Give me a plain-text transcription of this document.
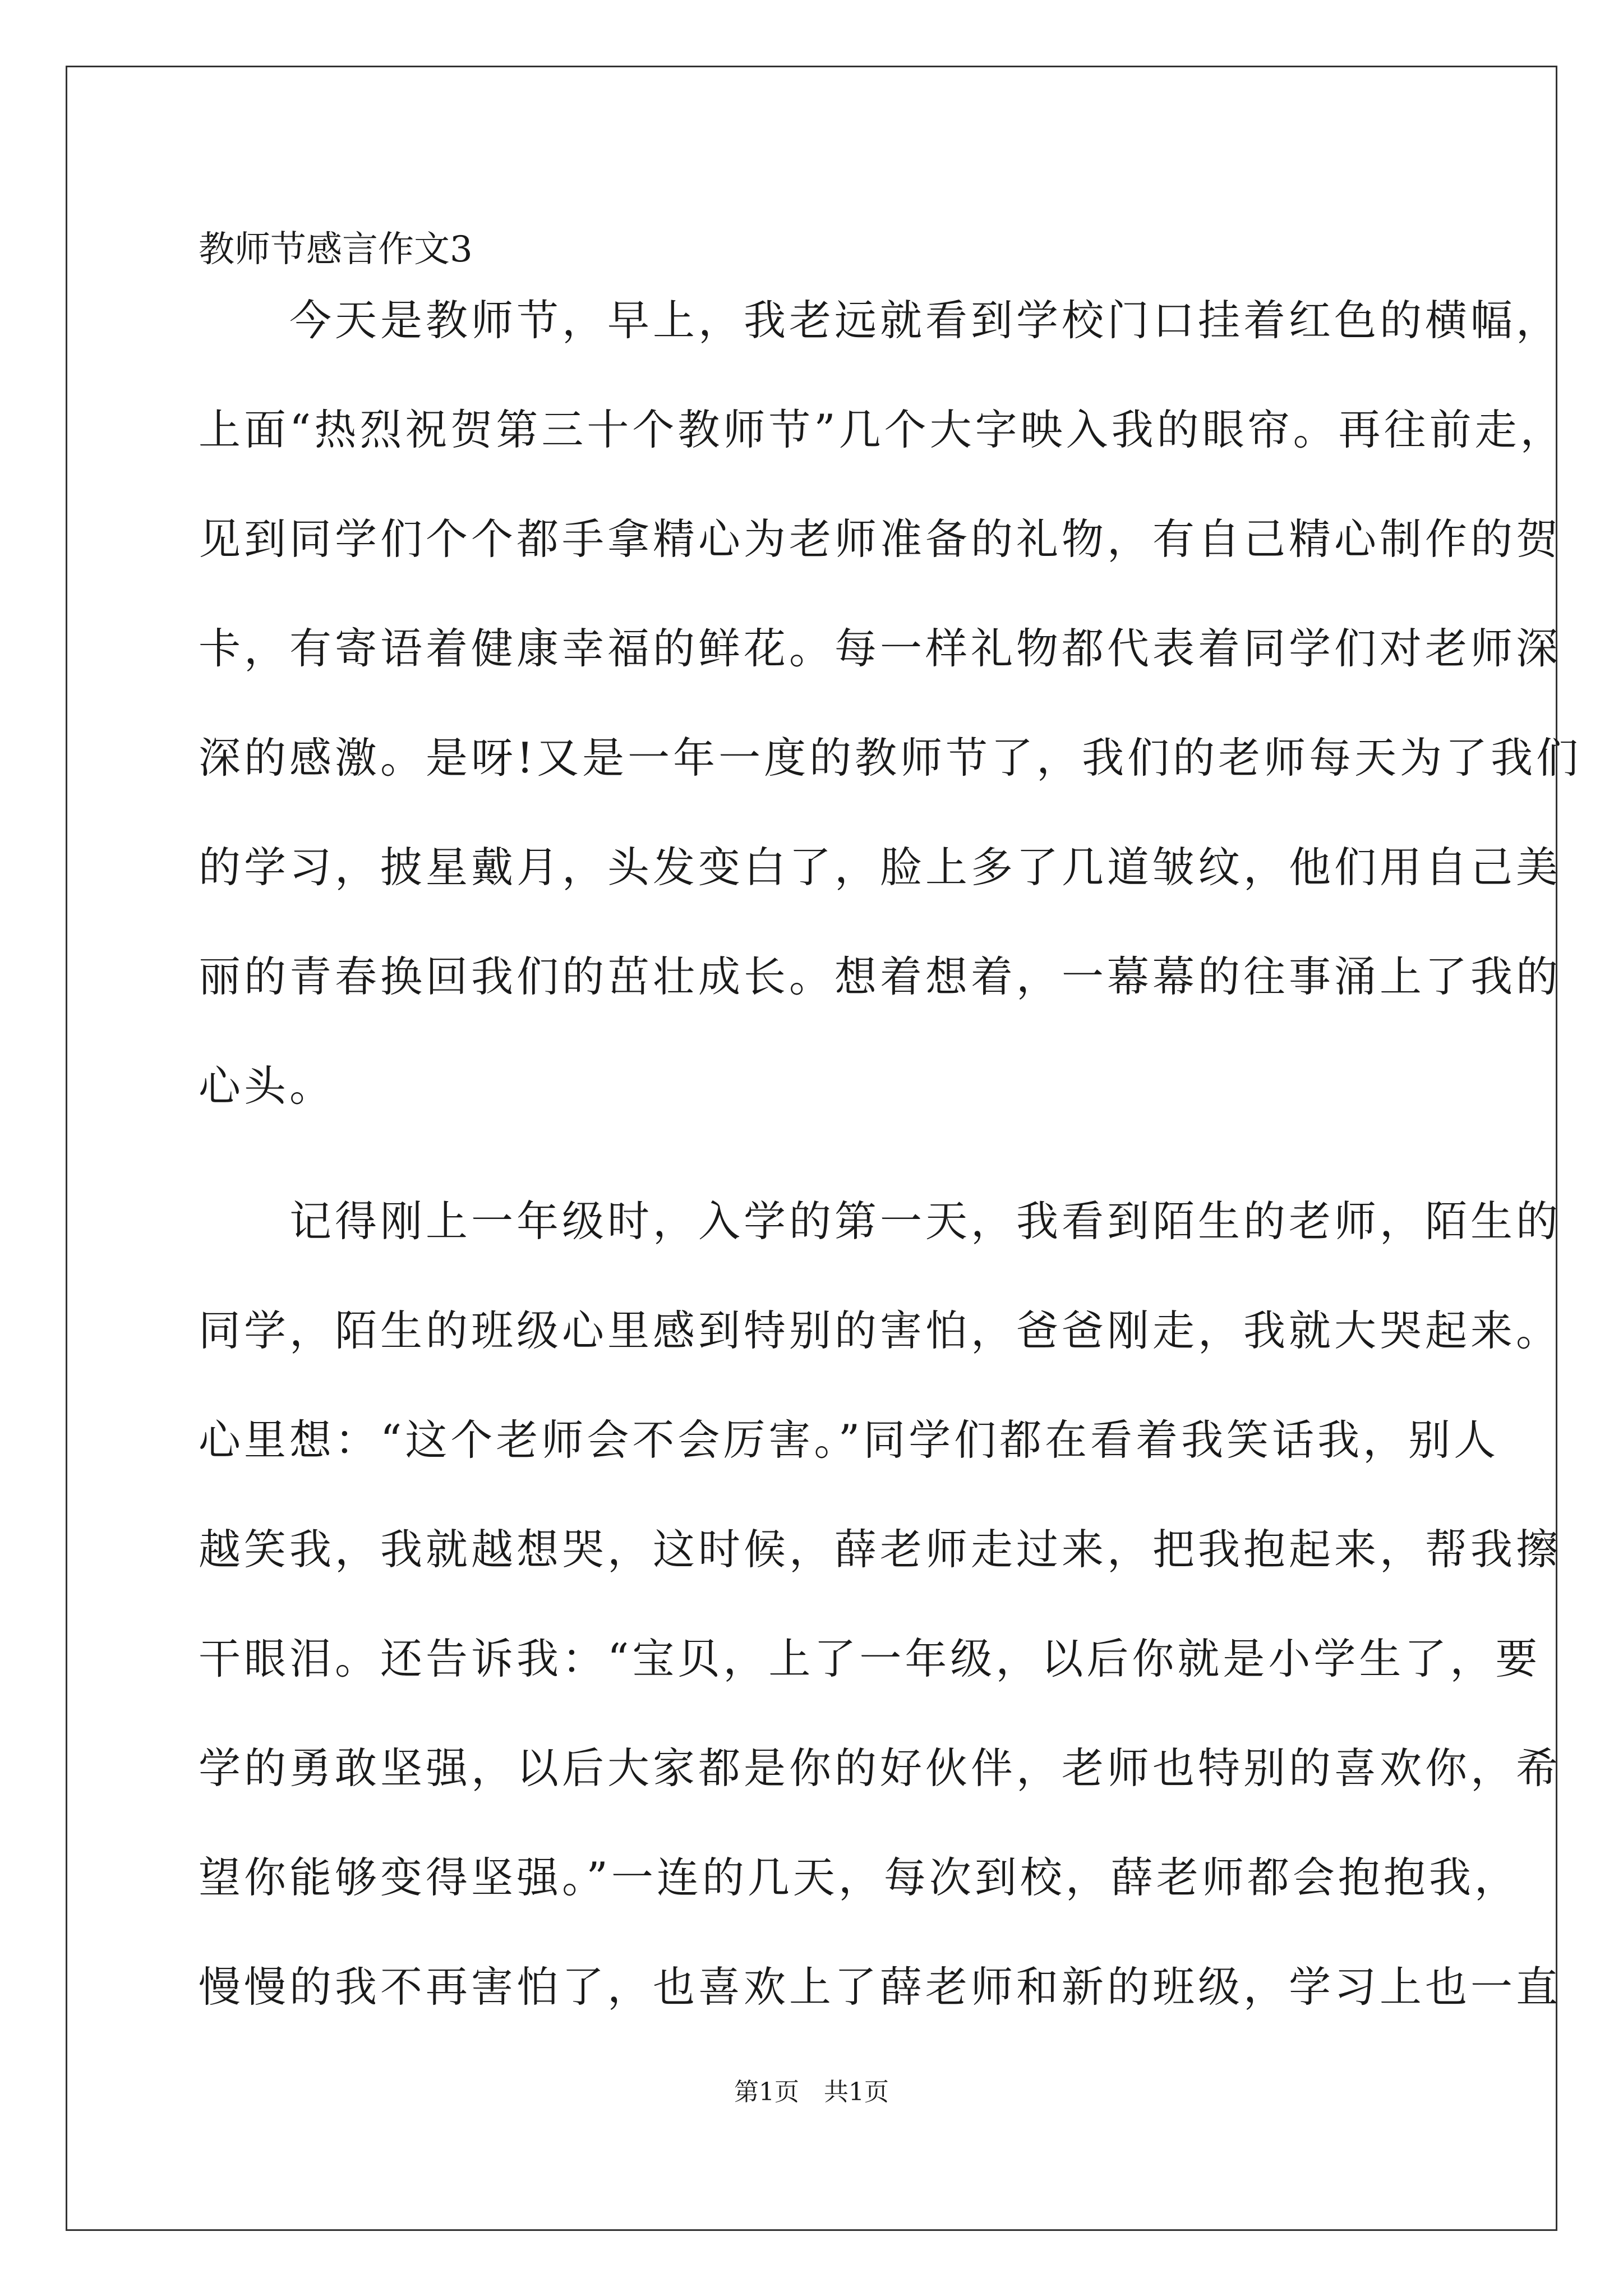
教师节感言作文3
　　今天是教师节，早上，我老远就看到学校门口挂着红色的横幅，
上面“热烈祝贺第三十个教师节”几个大字映入我的眼帘。再往前走，
见到同学们个个都手拿精心为老师准备的礼物，有自己精心制作的贺
卡，有寄语着健康幸福的鲜花。每一样礼物都代表着同学们对老师深
深的感激。是呀!又是一年一度的教师节了，我们的老师每天为了我们
的学习，披星戴月，头发变白了，脸上多了几道皱纹，他们用自己美
丽的青春换回我们的茁壮成长。想着想着，一幕幕的往事涌上了我的
心头。
　　记得刚上一年级时，入学的第一天，我看到陌生的老师，陌生的
同学，陌生的班级心里感到特别的害怕，爸爸刚走，我就大哭起来。
心里想：“这个老师会不会厉害。”同学们都在看着我笑话我，别人
越笑我，我就越想哭，这时候，薛老师走过来，把我抱起来，帮我擦
干眼泪。还告诉我：“宝贝，上了一年级，以后你就是小学生了，要
学的勇敢坚强，以后大家都是你的好伙伴，老师也特别的喜欢你，希
望你能够变得坚强。”一连的几天，每次到校，薛老师都会抱抱我，
慢慢的我不再害怕了，也喜欢上了薛老师和新的班级，学习上也一直
第1页　共1页
